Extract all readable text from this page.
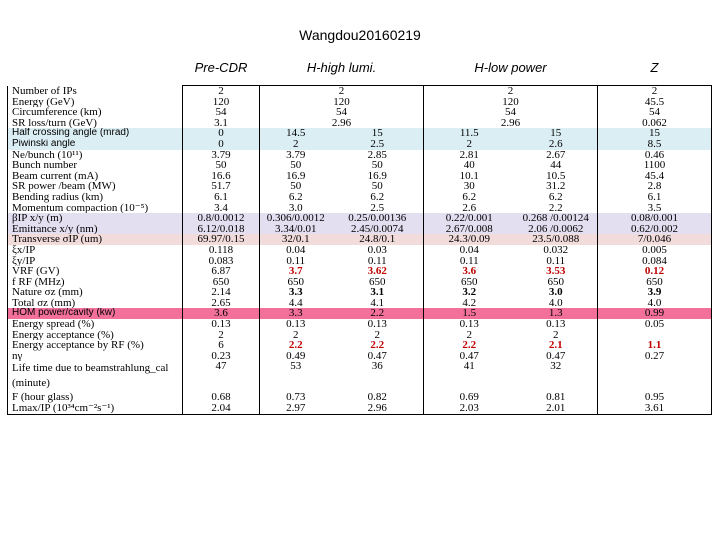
Wangdou20160219
	Pre-CDR	H-high lumi.		H-low power		Z
Number of IPs	2	2		2		2
Energy (GeV)	120	120		120		45.5
Circumference (km)	54	54		54		54
SR loss/turn (GeV)	3.1	2.96		2.96		0.062
Half crossing angle (mrad)	0	14.5	15	11.5	15	15
Piwinski angle	0	2	2.5	2	2.6	8.5
Ne/bunch (10¹¹)	3.79	3.79	2.85	2.81	2.67	0.46
Bunch number	50	50	50	40	44	1100
Beam current (mA)	16.6	16.9	16.9	10.1	10.5	45.4
SR power /beam (MW)	51.7	50	50	30	31.2	2.8
Bending radius (km)	6.1	6.2	6.2	6.2	6.2	6.1
Momentum compaction (10⁻⁵)	3.4	3.0	2.5	2.6	2.2	3.5
βIP x/y (m)	0.8/0.0012	0.306/0.0012	0.25/0.00136	0.22/0.001	0.268 /0.00124	0.08/0.001
Emittance x/y (nm)	6.12/0.018	3.34/0.01	2.45/0.0074	2.67/0.008	2.06 /0.0062	0.62/0.002
Transverse σIP (um)	69.97/0.15	32/0.1	24.8/0.1	24.3/0.09	23.5/0.088	7/0.046
ξx/IP	0.118	0.04	0.03	0.04	0.032	0.005
ξy/IP	0.083	0.11	0.11	0.11	0.11	0.084
VRF (GV)	6.87	3.7	3.62	3.6	3.53	0.12
f RF (MHz)	650	650	650	650	650	650
Nature σz (mm)	2.14	3.3	3.1	3.2	3.0	3.9
Total σz (mm)	2.65	4.4	4.1	4.2	4.0	4.0
HOM power/cavity (kw)	3.6	3.3	2.2	1.5	1.3	0.99
Energy spread (%)	0.13	0.13	0.13	0.13	0.13	0.05
Energy acceptance (%)	2	2	2	2	2	
Energy acceptance by RF (%)	6	2.2	2.2	2.2	2.1	1.1
nγ	0.23	0.49	0.47	0.47	0.47	0.27
Life time due to beamstrahlung_cal (minute)	47	53	36	41	32	
F (hour glass)	0.68	0.73	0.82	0.69	0.81	0.95
Lmax/IP (10³⁴cm⁻²s⁻¹)	2.04	2.97	2.96	2.03	2.01	3.61
